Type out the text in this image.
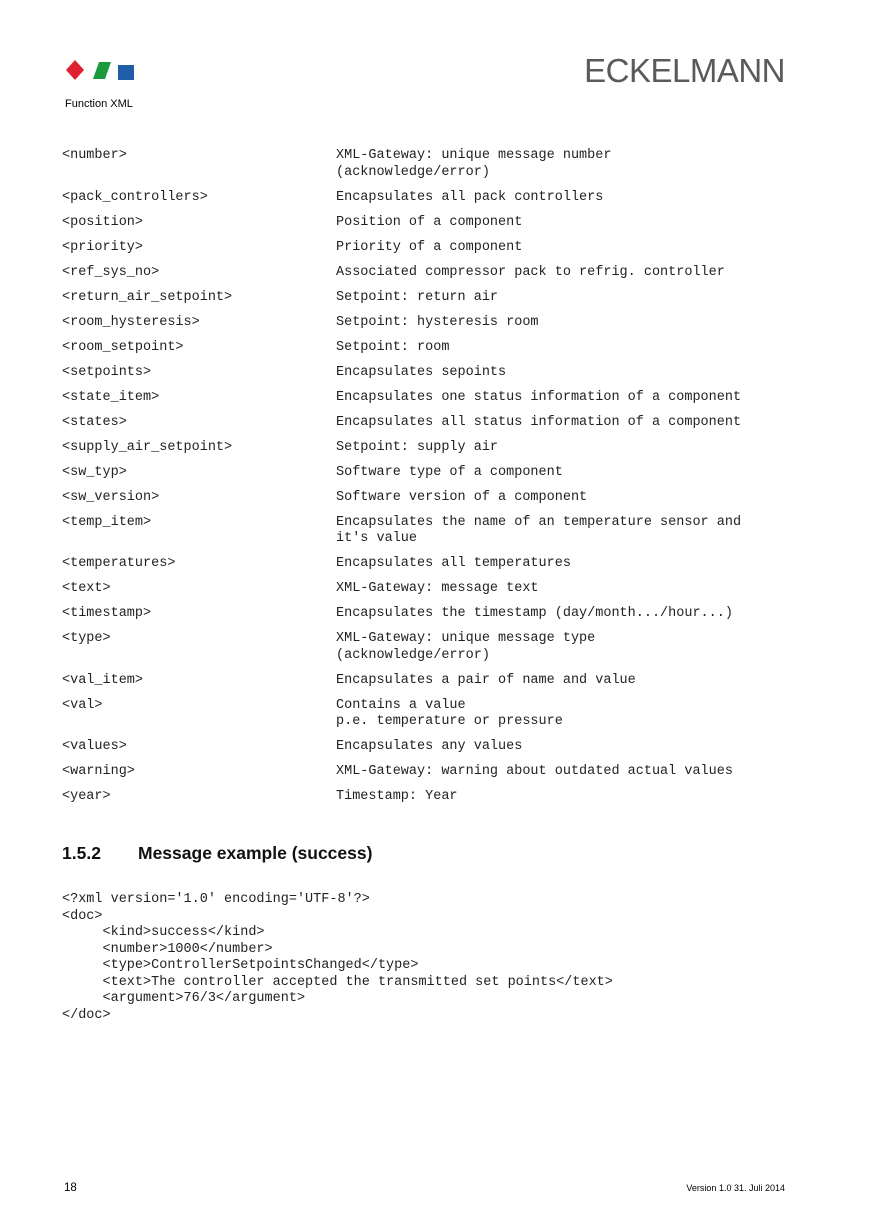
ECKELMANN
Function XML
<number>	XML-Gateway: unique message number
(acknowledge/error)
<pack_controllers>	Encapsulates all pack controllers
<position>	Position of a component
<priority>	Priority of a component
<ref_sys_no>	Associated compressor pack to refrig. controller
<return_air_setpoint>	Setpoint: return air
<room_hysteresis>	Setpoint: hysteresis room
<room_setpoint>	Setpoint: room
<setpoints>	Encapsulates sepoints
<state_item>	Encapsulates one status information of a component
<states>	Encapsulates all status information of a component
<supply_air_setpoint>	Setpoint: supply air
<sw_typ>	Software type of a component
<sw_version>	Software version of a component
<temp_item>	Encapsulates the name of an temperature sensor and
it's value
<temperatures>	Encapsulates all temperatures
<text>	XML-Gateway: message text
<timestamp>	Encapsulates the timestamp (day/month.../hour...)
<type>	XML-Gateway: unique message type
(acknowledge/error)
<val_item>	Encapsulates a pair of name and value
<val>	Contains a value
p.e. temperature or pressure
<values>	Encapsulates any values
<warning>	XML-Gateway: warning about outdated actual values
<year>	Timestamp: Year
1.5.2 Message example (success)
<?xml version='1.0' encoding='UTF-8'?>
<doc>
<kind>success</kind>
<number>1000</number>
<type>ControllerSetpointsChanged</type>
<text>The controller accepted the transmitted set points</text>
<argument>76/3</argument>
</doc>
18	Version 1.0 31. Juli 2014
